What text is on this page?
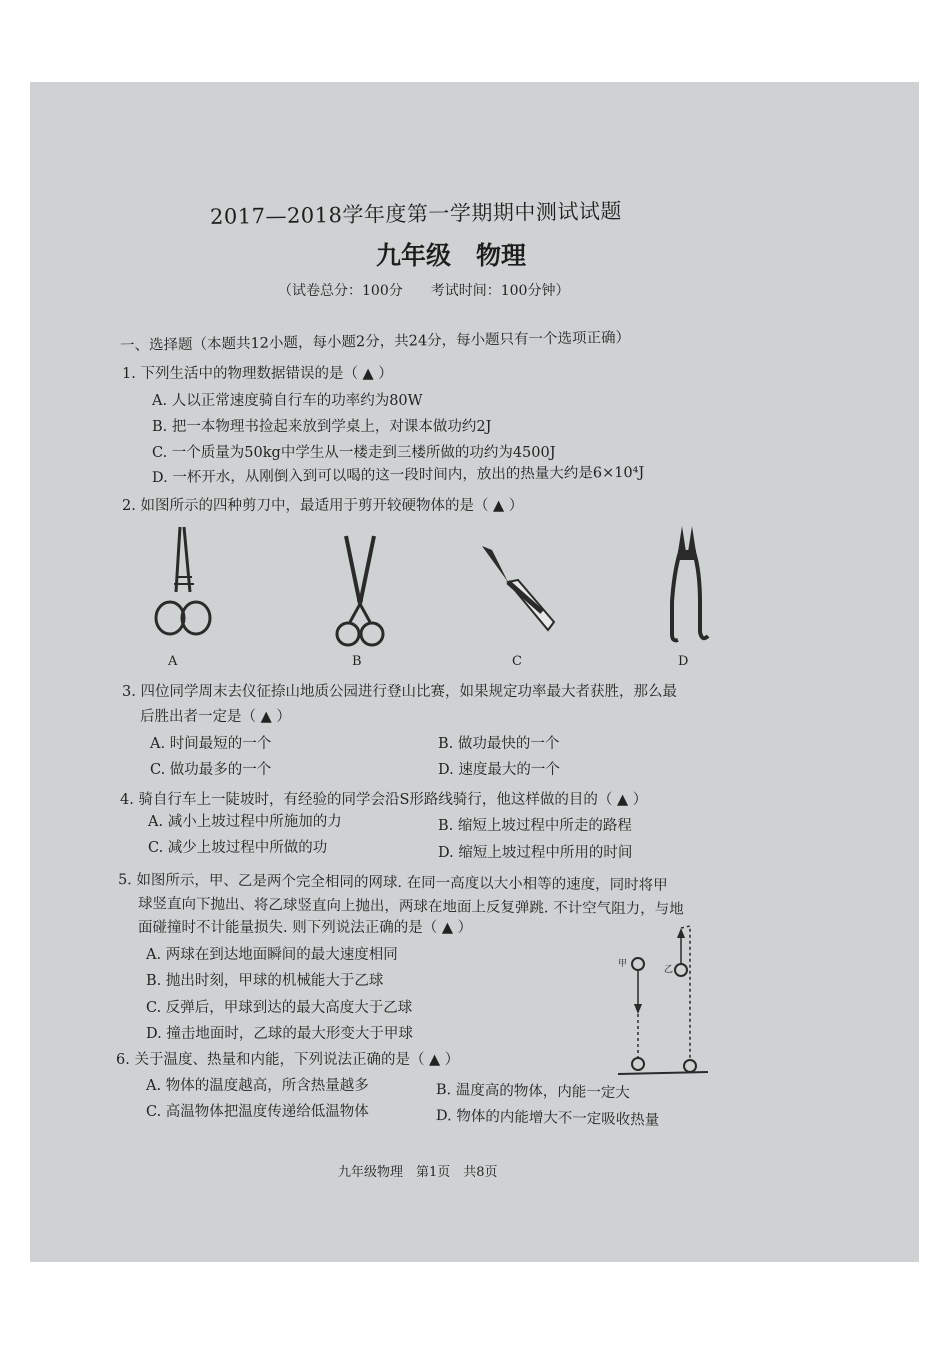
2017—2018学年度第一学期期中测试试题
九年级　物理
（试卷总分：100分　　考试时间：100分钟）
一、选择题（本题共12小题，每小题2分，共24分，每小题只有一个选项正确）
1. 下列生活中的物理数据错误的是（ ▲ ）
A. 人以正常速度骑自行车的功率约为80W
B. 把一本物理书捡起来放到学桌上，对课本做功约2J
C. 一个质量为50kg中学生从一楼走到三楼所做的功约为4500J
D. 一杯开水，从刚倒入到可以喝的这一段时间内，放出的热量大约是6×10⁴J
2. 如图所示的四种剪刀中，最适用于剪开较硬物体的是（ ▲ ）
A	B	C	D
3. 四位同学周末去仪征捺山地质公园进行登山比赛，如果规定功率最大者获胜，那么最
后胜出者一定是（ ▲ ）
A. 时间最短的一个	B. 做功最快的一个
C. 做功最多的一个	D. 速度最大的一个
4. 骑自行车上一陡坡时，有经验的同学会沿S形路线骑行，他这样做的目的（ ▲ ）
A. 减小上坡过程中所施加的力	B. 缩短上坡过程中所走的路程
C. 减少上坡过程中所做的功	D. 缩短上坡过程中所用的时间
5. 如图所示，甲、乙是两个完全相同的网球. 在同一高度以大小相等的速度，同时将甲
球竖直向下抛出、将乙球竖直向上抛出，两球在地面上反复弹跳. 不计空气阻力，与地
面碰撞时不计能量损失. 则下列说法正确的是（ ▲ ）
A. 两球在到达地面瞬间的最大速度相同
B. 抛出时刻，甲球的机械能大于乙球
C. 反弹后，甲球到达的最大高度大于乙球
D. 撞击地面时，乙球的最大形变大于甲球
甲
乙
6. 关于温度、热量和内能，下列说法正确的是（ ▲ ）
A. 物体的温度越高，所含热量越多	B. 温度高的物体，内能一定大
C. 高温物体把温度传递给低温物体	D. 物体的内能增大不一定吸收热量
九年级物理　第1页　共8页
